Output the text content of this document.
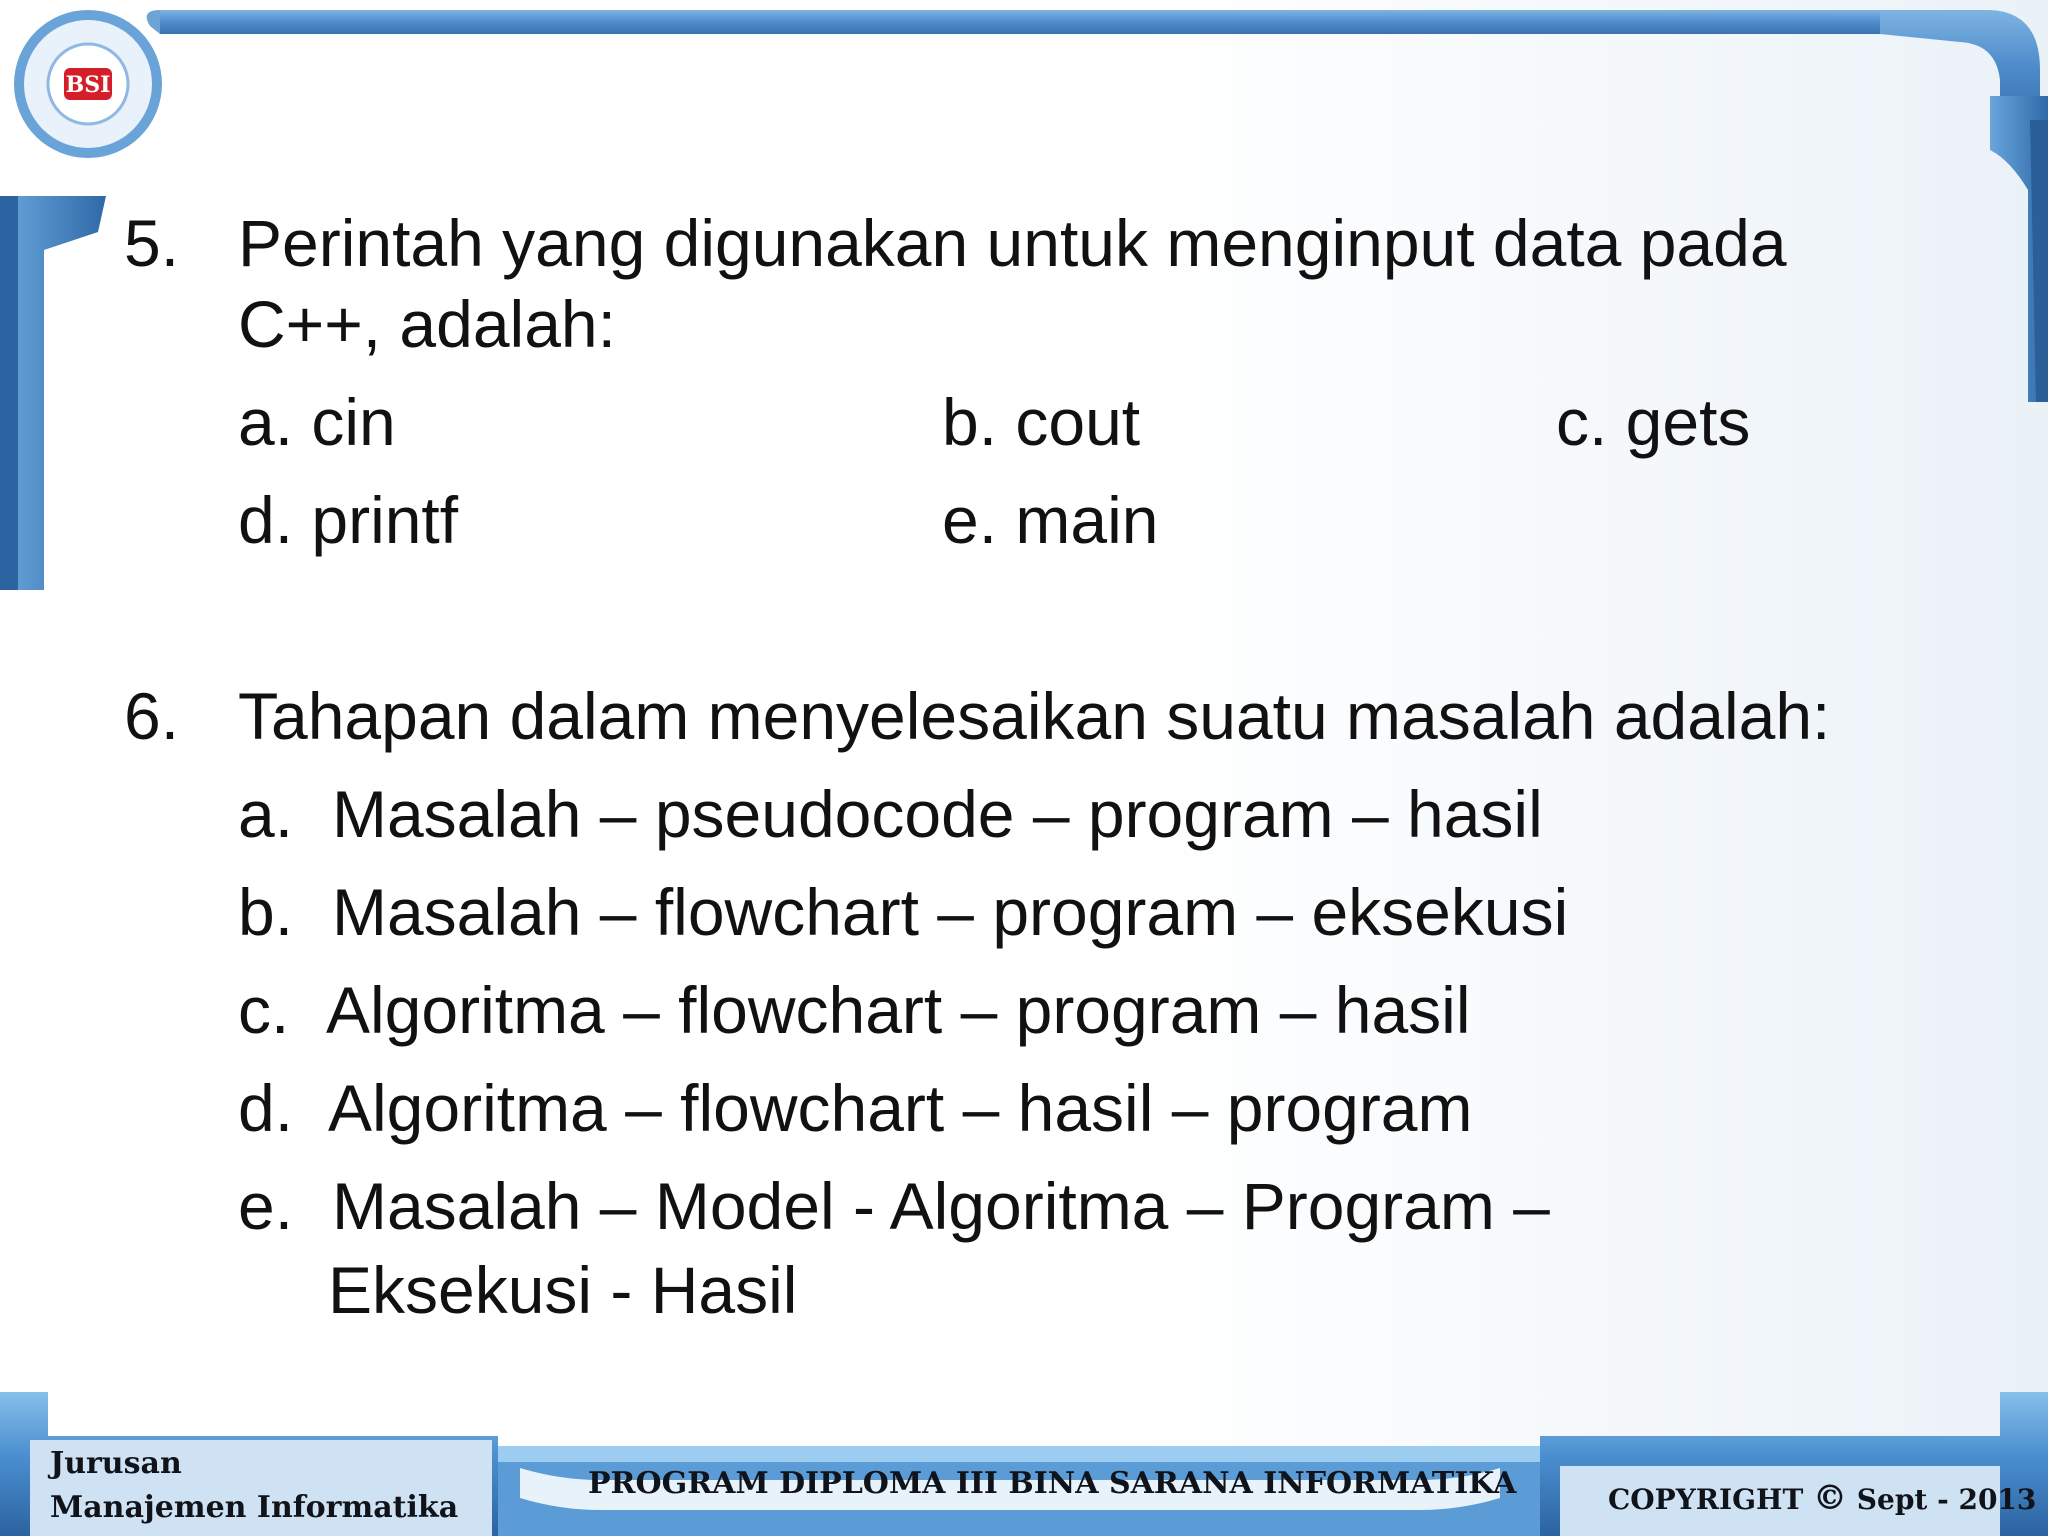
BSI
5. Perintah yang digunakan untuk menginput data pada
C++, adalah:
a. cin	b. cout	c. gets
d. printf	e. main
6. Tahapan dalam menyelesaikan suatu masalah adalah:
a. Masalah – pseudocode – program – hasil
b. Masalah – flowchart – program – eksekusi
c. Algoritma – flowchart – program – hasil
d. Algoritma – flowchart – hasil – program
e. Masalah – Model - Algoritma – Program –
Eksekusi - Hasil
Jurusan
Manajemen Informatika
PROGRAM DIPLOMA III BINA SARANA INFORMATIKA	COPYRIGHT © Sept - 2013
